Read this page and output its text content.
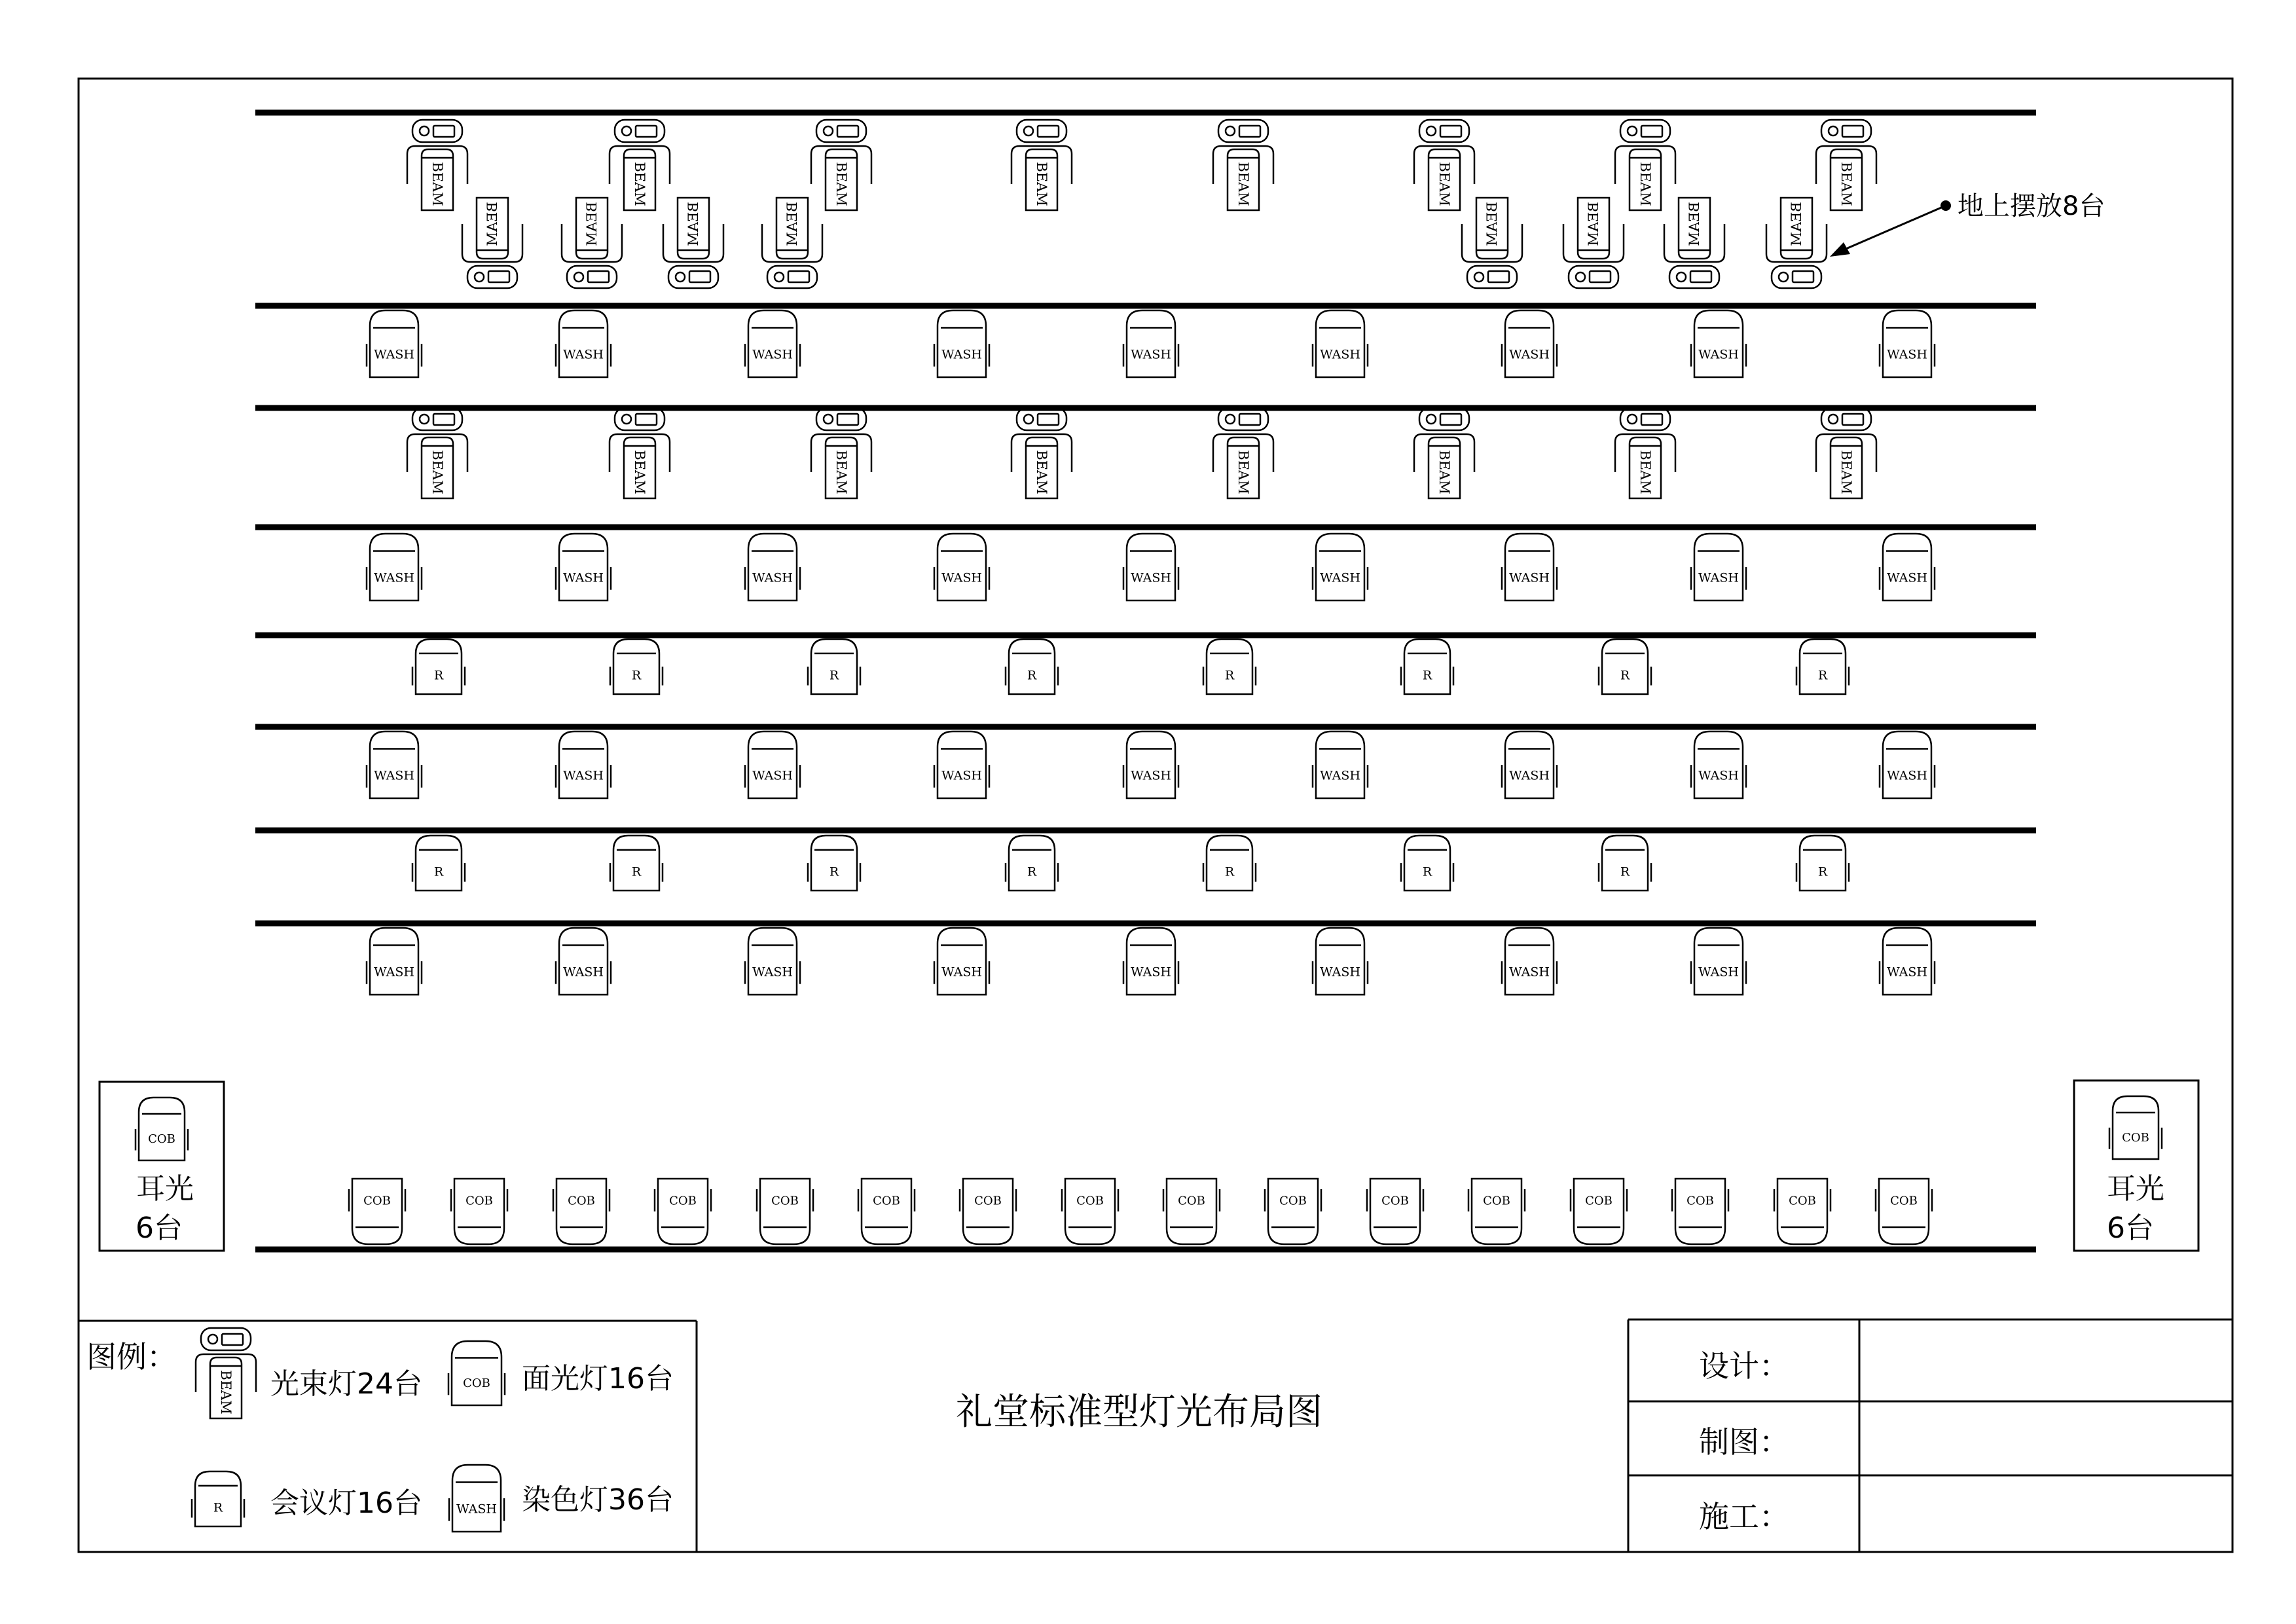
BEAM	BEAM	BEAM	BEAM	BEAM	BEAM	BEAM	BEAM
BEAM	BEAM	BEAM	BEAM	BEAM	BEAM	BEAM	BEAM
WASH	WASH	WASH	WASH	WASH	WASH	WASH	WASH	WASH
WASH	WASH	WASH	WASH	WASH	WASH	WASH	WASH	WASH
WASH	WASH	WASH	WASH	WASH	WASH	WASH	WASH	WASH
WASH	WASH	WASH	WASH	WASH	WASH	WASH	WASH	WASH
BEAM	BEAM	BEAM	BEAM	BEAM	BEAM	BEAM	BEAM
R	R	R	R	R	R	R	R
R	R	R	R	R	R	R	R
COB	COB	COB	COB	COB	COB	COB	COB	COB	COB	COB	COB	COB	COB	COB	COB
COB	COB
地上摆放8台
耳光
6台
耳光
6台
图例：
BEAM	COB
R	WASH
光束灯24台	面光灯16台
会议灯16台	染色灯36台
礼堂标准型灯光布局图
设计：
制图：
施工：
